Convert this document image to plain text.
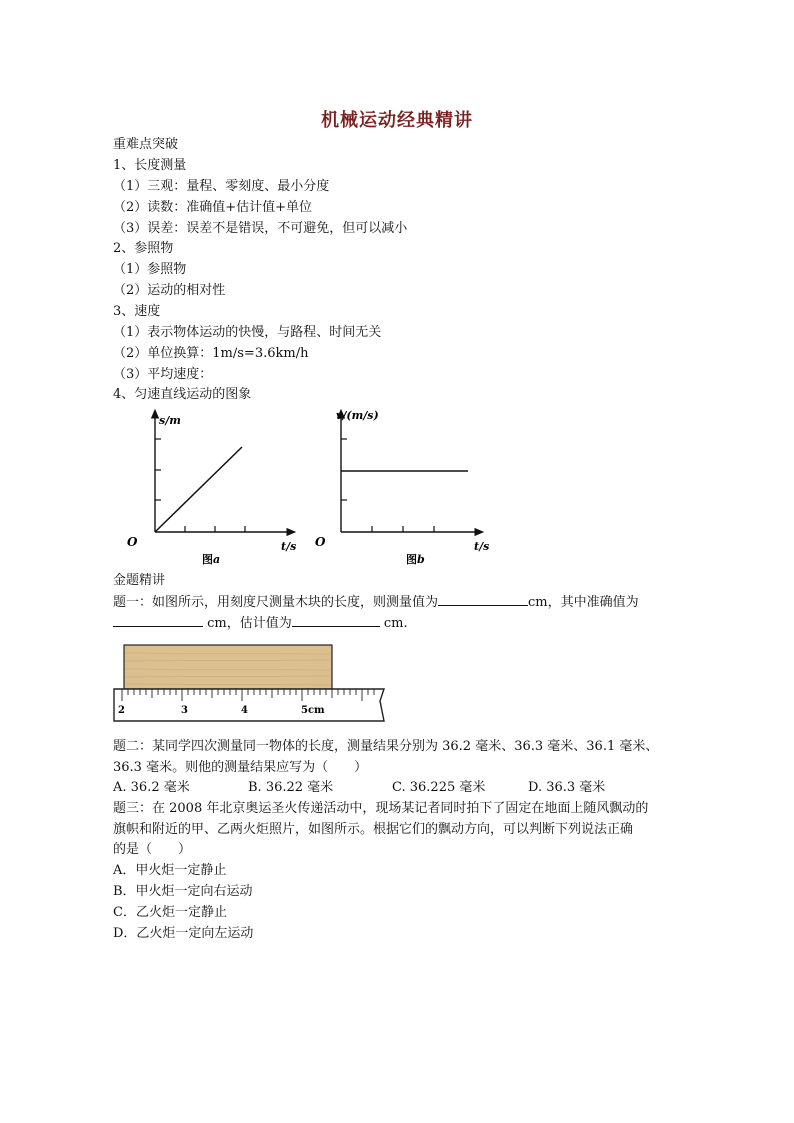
机械运动经典精讲
重难点突破
1、长度测量
（1）三观：量程、零刻度、最小分度
（2）读数：准确值+估计值+单位
（3）误差：误差不是错误，不可避免，但可以减小
2、参照物
（1）参照物
（2）运动的相对性
3、速度
（1）表示物体运动的快慢，与路程、时间无关
（2）单位换算：1m/s=3.6km/h
（3）平均速度：
4、匀速直线运动的图象
s/m
O	t/s
图a
v/(m/s)
O	t/s
图b
金题精讲
题一：如图所示，用刻度尺测量木块的长度，则测量值为	cm，其中准确值为
cm，估计值为	cm.
2	3	4	5cm
题二：某同学四次测量同一物体的长度，测量结果分别为 36.2 毫米、36.3 毫米、36.1 毫米、
36.3 毫米。则他的测量结果应写为（　　）
A. 36.2 毫米	B. 36.22 毫米	C. 36.225 毫米	D. 36.3 毫米
题三：在 2008 年北京奥运圣火传递活动中，现场某记者同时拍下了固定在地面上随风飘动的
旗帜和附近的甲、乙两火炬照片，如图所示。根据它们的飘动方向，可以判断下列说法正确
的是（　　）
A．甲火炬一定静止
B．甲火炬一定向右运动
C．乙火炬一定静止
D．乙火炬一定向左运动
